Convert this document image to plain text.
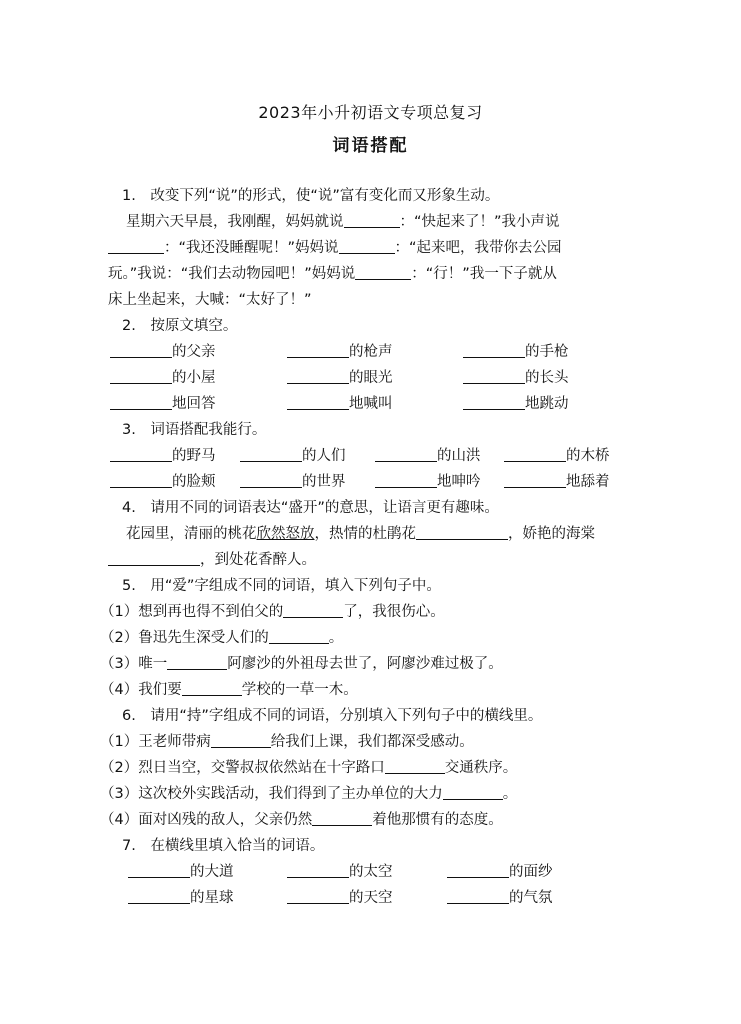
2023年小升初语文专项总复习
词语搭配
1.　改变下列“说”的形式，使“说”富有变化而又形象生动。
星期六天早晨，我刚醒，妈妈就说	：“快起来了！”我小声说
：“我还没睡醒呢！”妈妈说	：“起来吧，我带你去公园
玩。”我说：“我们去动物园吧！”妈妈说	：“行！”我一下子就从
床上坐起来，大喊：“太好了！”
2.　按原文填空。
的父亲	的枪声	的手枪
的小屋	的眼光	的长头
地回答	地喊叫	地跳动
3.　词语搭配我能行。
的野马	的人们	的山洪	的木桥
的脸颊	的世界	地呻吟	地舔着
4.　请用不同的词语表达“盛开”的意思，让语言更有趣味。
花园里，清丽的桃花欣然怒放，热情的杜鹃花	，娇艳的海棠
，到处花香醉人。
5.　用“爱”字组成不同的词语，填入下列句子中。
（1）想到再也得不到伯父的	了，我很伤心。
（2）鲁迅先生深受人们的	。
（3）唯一	阿廖沙的外祖母去世了，阿廖沙难过极了。
（4）我们要	学校的一草一木。
6.　请用“持”字组成不同的词语，分别填入下列句子中的横线里。
（1）王老师带病	给我们上课，我们都深受感动。
（2）烈日当空，交警叔叔依然站在十字路口	交通秩序。
（3）这次校外实践活动，我们得到了主办单位的大力	。
（4）面对凶残的敌人，父亲仍然	着他那惯有的态度。
7.　在横线里填入恰当的词语。
的大道	的太空	的面纱
的星球	的天空	的气氛
